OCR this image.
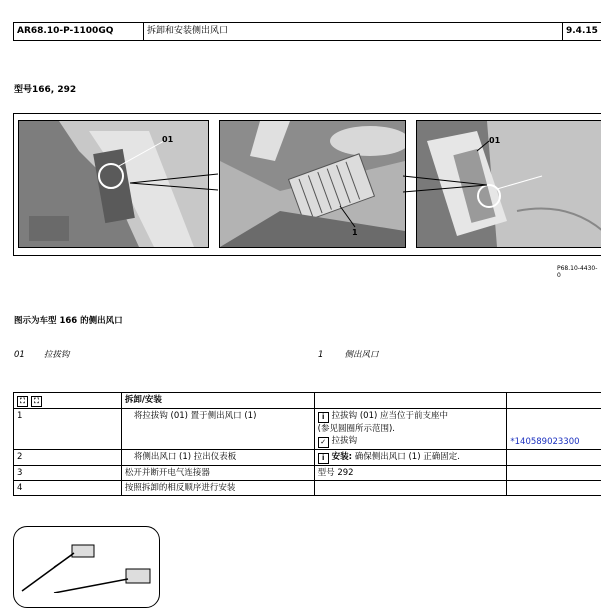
AR68.10-P-1100GQ	拆卸和安装侧出风口	9.4.15
型号166, 292
01
1
01
P68.10-4430-0
图示为车型 166 的侧出风口
01 拉拔钩	1 侧出风口
⛶ ⛶	拆卸/安装		
1	将拉拔钩 (01) 置于侧出风口 (1)	i 拉拔钩 (01) 应当位于前支座中
(参见圆圈所示范围).
✓ 拉拔钩	*140589023300
2	将侧出风口 (1) 拉出仪表板	i 安装: 确保侧出风口 (1) 正确固定.	
3	松开并断开电气连接器	型号 292	
4	按照拆卸的相反顺序进行安装		
